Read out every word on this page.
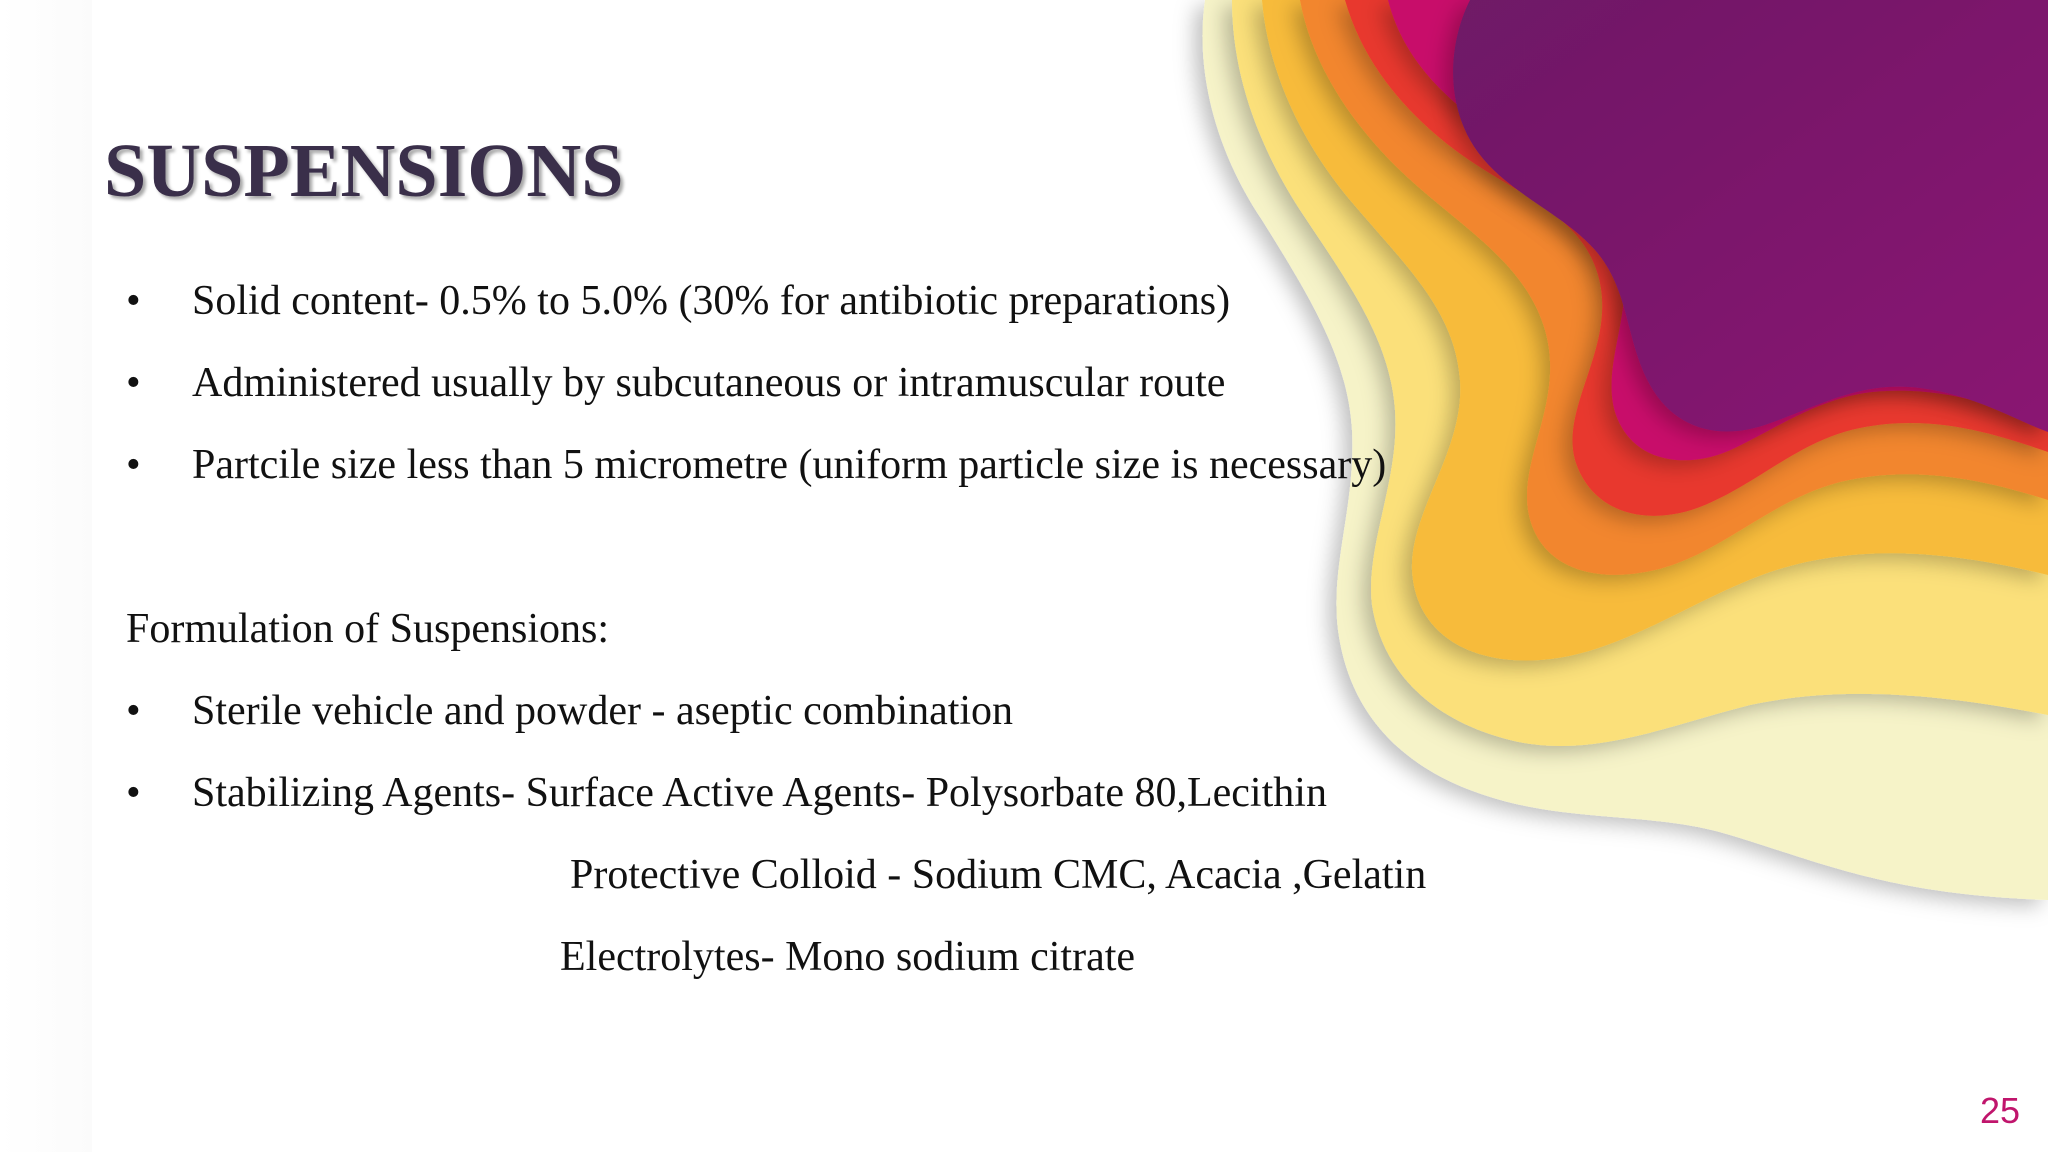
SUSPENSIONS
• Solid content- 0.5% to 5.0% (30% for antibiotic preparations)
• Administered usually by subcutaneous or intramuscular route
• Partcile size less than 5 micrometre (uniform particle size is necessary)
Formulation of Suspensions:
• Sterile vehicle and powder - aseptic combination
• Stabilizing Agents- Surface Active Agents- Polysorbate 80,Lecithin
Protective Colloid - Sodium CMC, Acacia ,Gelatin
Electrolytes- Mono sodium citrate
25
